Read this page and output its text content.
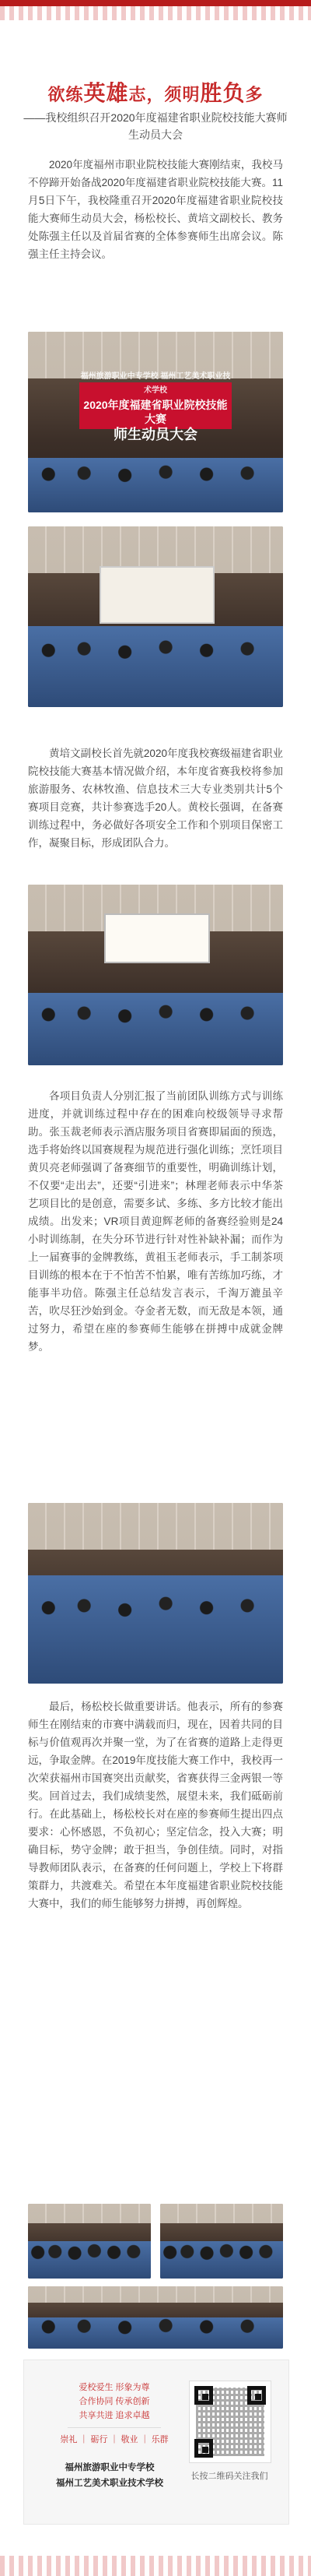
欲练英雄志，须明胜负多
——我校组织召开2020年度福建省职业院校技能大赛师生动员大会

2020年度福州市职业院校技能大赛刚结束，我校马不停蹄开始备战2020年度福建省职业院校技能大赛。11月5日下午，我校隆重召开2020年度福建省职业院校技能大赛师生动员大会，杨松校长、黄培文副校长、教务处陈强主任以及首届省赛的全体参赛师生出席会议。陈强主任主持会议。

福州旅游职业中专学校 福州工艺美术职业技术学校
2020年度福建省职业院校技能大赛
师生动员大会

黄培文副校长首先就2020年度我校赛级福建省职业院校技能大赛基本情况做介绍，本年度省赛我校将参加旅游服务、农林牧渔、信息技术三大专业类别共计5个赛项目竞赛，共计参赛选手20人。黄校长强调，在备赛训练过程中，务必做好各项安全工作和个别项目保密工作，凝聚目标，形成团队合力。

各项目负责人分别汇报了当前团队训练方式与训练进度，并就训练过程中存在的困难向校级领导寻求帮助。张玉裁老师表示酒店服务项目省赛即届面的预选，选手将始终以国赛规程为规范进行强化训练；烹饪项目黄贝亮老师强调了备赛细节的重要性，明确训练计划，不仅要“走出去”，还要“引进来”；林理老师表示中华茶艺项目比的是创意，需要多试、多练、多方比较才能出成绩。出发来；VR项目黄迎辉老师的备赛经验则是24小时训练制，在失分环节进行针对性补缺补漏；而作为上一届赛事的金牌教练，黄祖玉老师表示，手工制茶项目训练的根本在于不怕苦不怕累，唯有苦练加巧练，才能事半功倍。陈强主任总结发言表示，千淘万漉虽辛苦，吹尽狂沙始到金。夺金者无数，而无敌是本领，通过努力，希望在座的参赛师生能够在拼搏中成就金牌梦。

最后，杨松校长做重要讲话。他表示，所有的参赛师生在刚结束的市赛中满载而归，现在，因着共同的目标与价值观再次并聚一堂，为了在省赛的道路上走得更远，争取金牌。在2019年度技能大赛工作中，我校再一次荣获福州市国赛突出贡献奖，省赛获得三金两银一等奖。回首过去，我们成绩斐然，展望未来，我们砥砺前行。在此基础上，杨松校长对在座的参赛师生提出四点要求：心怀感恩，不负初心；坚定信念，投入大赛；明确目标，势守金牌；敢于担当，争创佳绩。同时，对指导教师团队表示，在备赛的任何问题上，学校上下将群策群力，共渡难关。希望在本年度福建省职业院校技能大赛中，我们的师生能够努力拼搏，再创辉煌。

爱校爱生 形象为尊
合作协同 传承创新
共享共进 追求卓越
崇礼 ｜ 砺行 ｜ 敬业 ｜ 乐群
福州旅游职业中专学校
福州工艺美术职业技术学校
长按二维码关注我们
